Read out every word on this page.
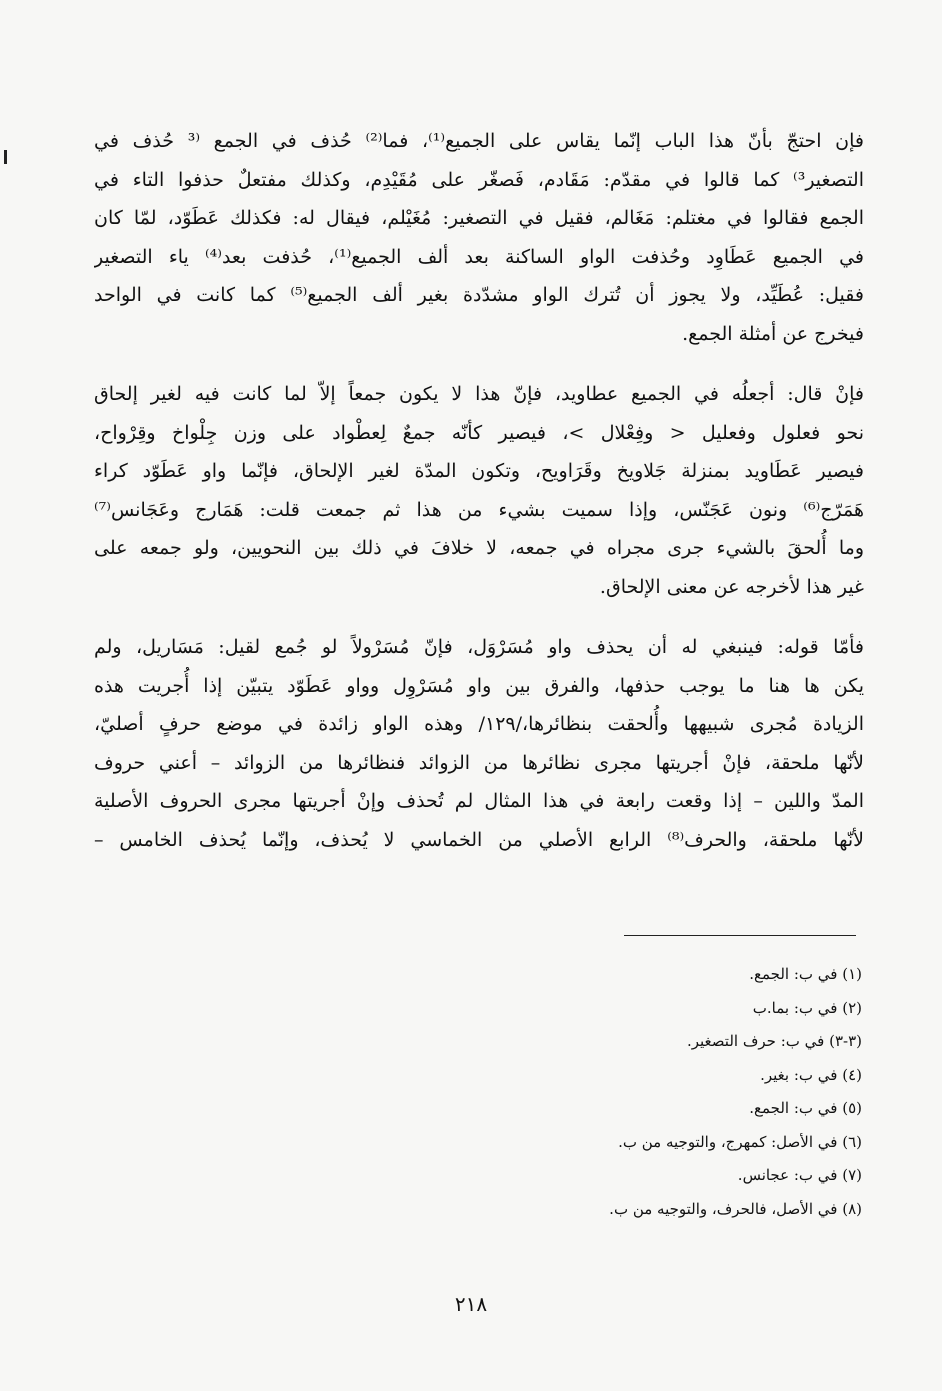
فإن احتجّ بأنّ هذا الباب إنّما يقاس على الجميع⁽¹⁾، فما⁽²⁾ حُذف في الجمع ⁽³ حُذف في
التصغير³⁾ كما قالوا في مقدّم: مَقَادم، فَصغّر على مُقَيْدِم، وكذلك مفتعلٌ حذفوا التاء في
الجمع فقالوا في مغتلم: مَغَالم، فقيل في التصغير: مُغَيْلم، فيقال له: فكذلك عَطَوّد، لمّا كان
في الجميع عَطَاوِد وحُذفت الواو الساكنة بعد ألف الجميع⁽¹⁾، حُذفت بعد⁽⁴⁾ ياء التصغير
فقيل: عُطَيِّد، ولا يجوز أن تُترك الواو مشدّدة بغير ألف الجميع⁽⁵⁾ كما كانت في الواحد
فيخرج عن أمثلة الجمع.
فإنْ قال: أجعلُه في الجميع عطاويد، فإنّ هذا لا يكون جمعاً إلاّ لما كانت فيه لغير إلحاق
نحو فعلول وفعليل < وفِعْلال >، فيصير كأنّه جمعٌ لِعطْواد على وزن جِلْواخ وقِرْواح،
فيصير عَطَاويد بمنزلة جَلاويخ وقَرَاويح، وتكون المدّة لغير الإلحاق، فإنّما واو عَطَوّد كراء
هَمَرّج⁽⁶⁾ ونون عَجَنّس، وإذا سميت بشيء من هذا ثم جمعت قلت: هَمَارج وعَجَانس⁽⁷⁾
وما أُلحقَ بالشيء جرى مجراه في جمعه، لا خلافَ في ذلك بين النحويين، ولو جمعه على
غير هذا لأخرجه عن معنى الإلحاق.
فأمّا قوله: فينبغي له أن يحذف واو مُسَرْوَل، فإنّ مُسَرْولاً لو جُمع لقيل: مَسَاريل، ولم
يكن ها هنا ما يوجب حذفها، والفرق بين واو مُسَرْوِل وواو عَطَوّد يتبيّن إذا أُجريت هذه
الزيادة مُجرى شبيهها وأُلحقت بنظائرها،/١٢٩/ وهذه الواو زائدة في موضع حرفٍ أصليّ،
لأنّها ملحقة، فإنْ أجريتها مجرى نظائرها من الزوائد فنظائرها من الزوائد – أعني حروف
المدّ واللين – إذا وقعت رابعة في هذا المثال لم تُحذف وإنْ أجريتها مجرى الحروف الأصلية
لأنّها ملحقة، والحرف⁽⁸⁾ الرابع الأصلي من الخماسي لا يُحذف، وإنّما يُحذف الخامس –
(١) في ب: الجمع.
(٢) في ب: بما.ب
(٣-٣) في ب: حرف التصغير.
(٤) في ب: بغير.
(٥) في ب: الجمع.
(٦) في الأصل: كمهرج، والتوجيه من ب.
(٧) في ب: عجانس.
(٨) في الأصل، فالحرف، والتوجيه من ب.
٢١٨
